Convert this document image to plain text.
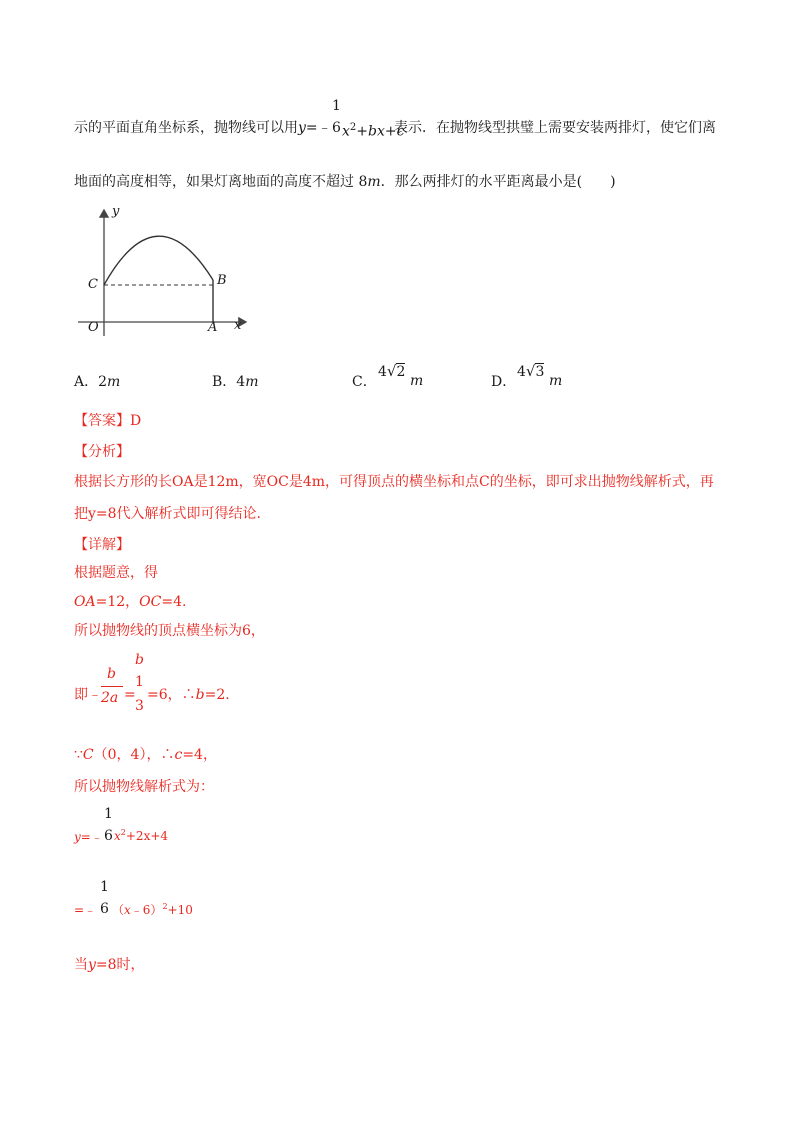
示的平面直角坐标系，抛物线可以用 y=﹣
1
6 $x^2+bx+c$
表示．在抛物线型拱璧上需要安装两排灯，使它们离
地面的高度相等，如果灯离地面的高度不超过 8m．那么两排灯的水平距离最小是(　　)
y
x
O
C	B
A
A．2m	B．4m	C．
4√2
m	D．
4√3
m
【答案】D
【分析】
根据长方形的长OA是12m，宽OC是4m，可得顶点的横坐标和点C的坐标，即可求出抛物线解析式，再
把y=8代入解析式即可得结论.
【详解】
根据题意，得
OA=12，OC=4.
所以抛物线的顶点横坐标为6，
即﹣
b
2a =
b
1
3
=6，∴b=2.
∵C（0，4），∴c=4，
所以抛物线解析式为：
y=﹣
1
6 $x^2+2x+4$
=﹣
1
6 （x﹣6）$^2$+10
当y=8时，
